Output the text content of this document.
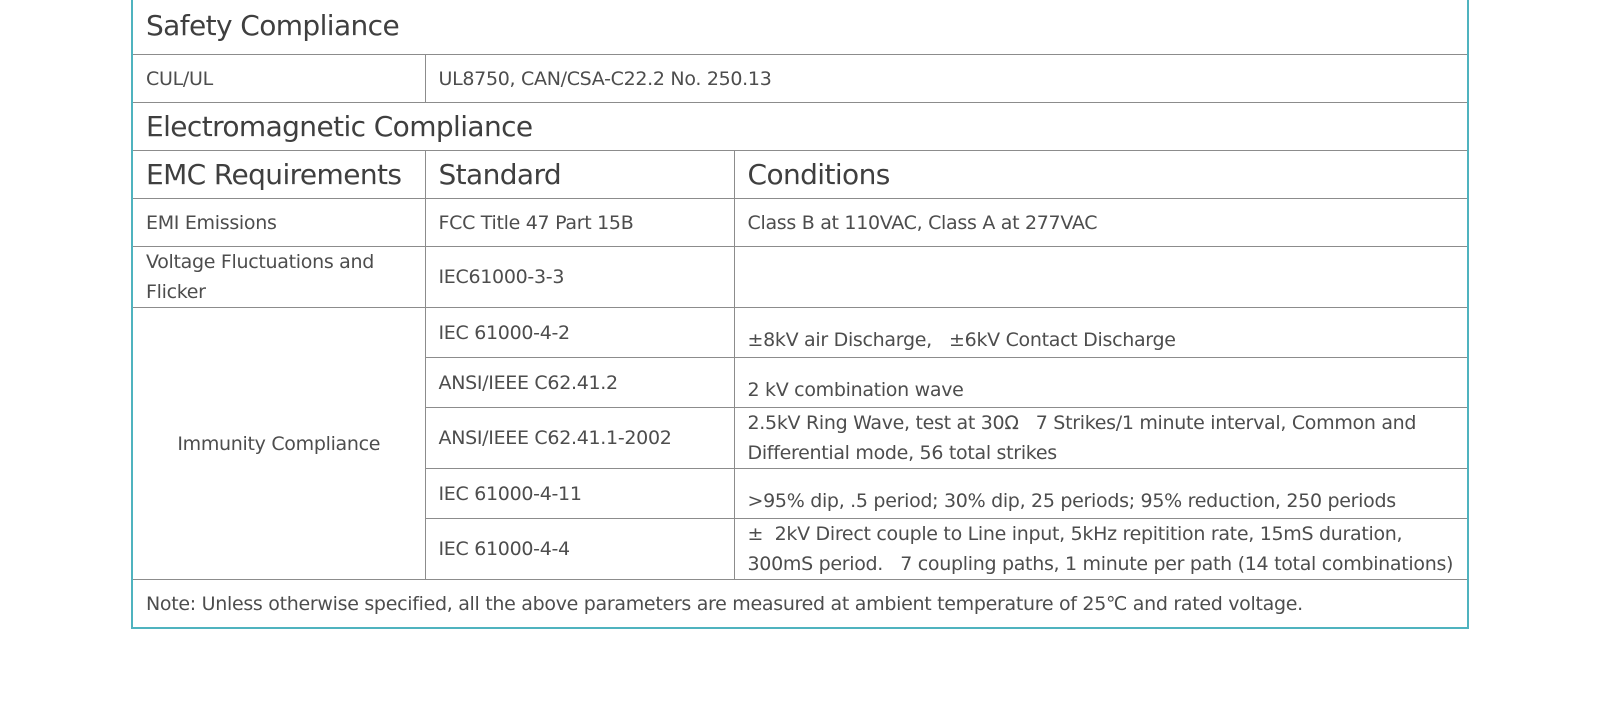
Safety Compliance		
CUL/UL	UL8750, CAN/CSA-C22.2 No. 250.13	
Electromagnetic Compliance		
EMC Requirements	Standard	Conditions
EMI Emissions	FCC Title 47 Part 15B	Class B at 110VAC, Class A at 277VAC
Voltage Fluctuations and Flicker	IEC61000-3-3	
Immunity Compliance	IEC 61000-4-2	±8kV air Discharge,   ±6kV Contact Discharge
	ANSI/IEEE C62.41.2	2 kV combination wave
	ANSI/IEEE C62.41.1-2002	2.5kV Ring Wave, test at 30Ω   7 Strikes/1 minute interval, Common and Differential mode, 56 total strikes
	IEC 61000-4-11	>95% dip, .5 period; 30% dip, 25 periods; 95% reduction, 250 periods
	IEC 61000-4-4	±  2kV Direct couple to Line input, 5kHz repitition rate, 15mS duration, 300mS period.   7 coupling paths, 1 minute per path (14 total combinations)
Note: Unless otherwise specified, all the above parameters are measured at ambient temperature of 25℃ and rated voltage.		
